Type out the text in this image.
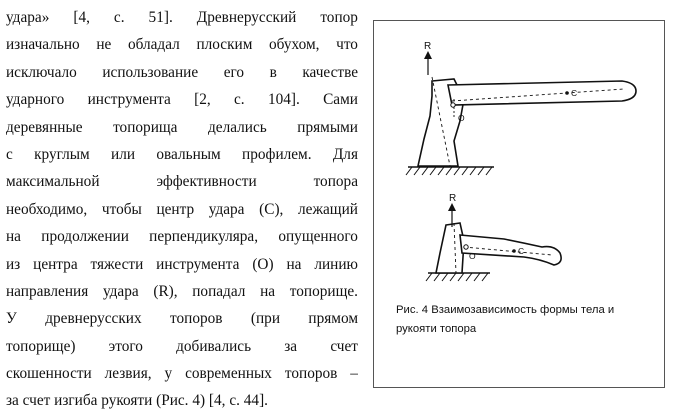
удара» [4, с. 51]. Древнерусский топор
изначально не обладал плоским обухом, что
исключало использование его в качестве
ударного инструмента [2, с. 104]. Сами
деревянные топорища делались прямыми
с круглым или овальным профилем. Для
максимальной	эффективности	топора
необходимо, чтобы центр удара (С), лежащий
на продолжении перпендикуляра, опущенного
из центра тяжести инструмента (О) на линию
направления удара (R), попадал на топорище.
У древнерусских топоров (при прямом
топорище) этого добивались за счет
скошенности лезвия, у современных топоров –
за счет изгиба рукояти (Рис. 4) [4, с. 44].
R
O
C
R
O	C
Рис. 4 Взаимозависимость формы тела и рукояти топора
